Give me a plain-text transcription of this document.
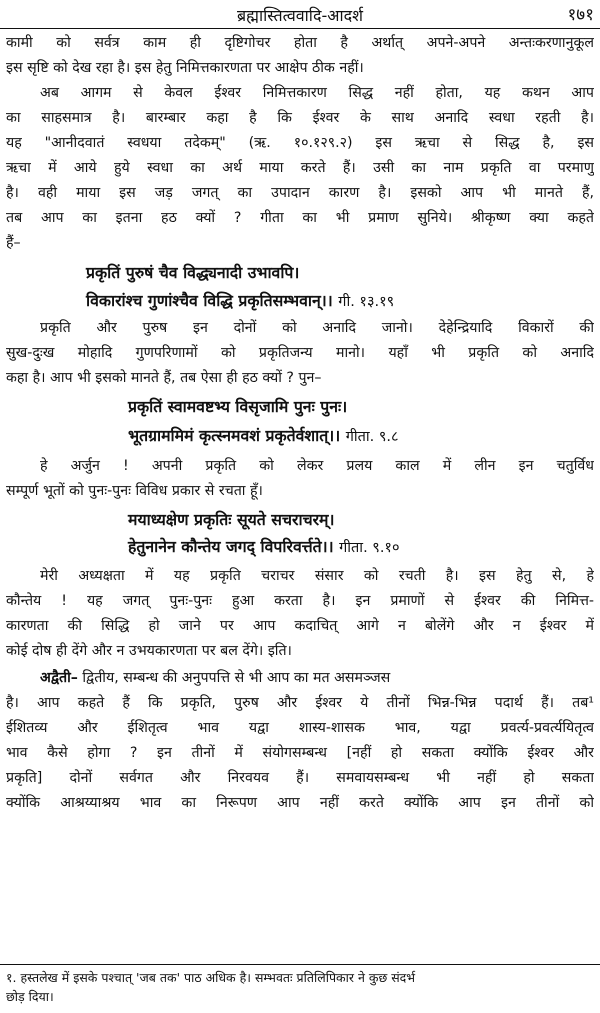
ब्रह्मास्तित्ववादि-आदर्श	१७१
कामी को सर्वत्र काम ही दृष्टिगोचर होता है अर्थात् अपने-अपने अन्तःकरणानुकूल
इस सृष्टि को देख रहा है। इस हेतु निमित्तकारणता पर आक्षेप ठीक नहीं।
अब आगम से केवल ईश्वर निमित्तकारण सिद्ध नहीं होता, यह कथन आप
का साहसमात्र है। बारम्बार कहा है कि ईश्वर के साथ अनादि स्वधा रहती है।
यह "आनीदवातं स्वधया तदेकम्" (ऋ. १०.१२९.२) इस ऋचा से सिद्ध है, इस
ऋचा में आये हुये स्वधा का अर्थ माया करते हैं। उसी का नाम प्रकृति वा परमाणु
है। वही माया इस जड़ जगत् का उपादान कारण है। इसको आप भी मानते हैं,
तब आप का इतना हठ क्यों ? गीता का भी प्रमाण सुनिये। श्रीकृष्ण क्या कहते
हैं–
प्रकृतिं पुरुषं चैव विद्ध्यनादी उभावपि।
विकारांश्च गुणांश्चैव विद्धि प्रकृतिसम्भवान्।। गी. १३.१९
प्रकृति और पुरुष इन दोनों को अनादि जानो। देहेन्द्रियादि विकारों की
सुख-दुःख मोहादि गुणपरिणामों को प्रकृतिजन्य मानो। यहाँ भी प्रकृति को अनादि
कहा है। आप भी इसको मानते हैं, तब ऐसा ही हठ क्यों ? पुन–
प्रकृतिं स्वामवष्टभ्य विसृजामि पुनः पुनः।
भूतग्राममिमं कृत्स्नमवशं प्रकृतेर्वशात्।। गीता. ९.८
हे अर्जुन ! अपनी प्रकृति को लेकर प्रलय काल में लीन इन चतुर्विध
सम्पूर्ण भूतों को पुनः-पुनः विविध प्रकार से रचता हूँ।
मयाध्यक्षेण प्रकृतिः सूयते सचराचरम्।
हेतुनानेन कौन्तेय जगद् विपरिवर्त्तते।। गीता. ९.१०
मेरी अध्यक्षता में यह प्रकृति चराचर संसार को रचती है। इस हेतु से, हे
कौन्तेय ! यह जगत् पुनः-पुनः हुआ करता है। इन प्रमाणों से ईश्वर की निमित्त-
कारणता की सिद्धि हो जाने पर आप कदाचित् आगे न बोलेंगे और न ईश्वर में
कोई दोष ही देंगे और न उभयकारणता पर बल देंगे। इति।
अद्वैती– द्वितीय, सम्बन्ध की अनुपपत्ति से भी आप का मत असमञ्जस
है। आप कहते हैं कि प्रकृति, पुरुष और ईश्वर ये तीनों भिन्न-भिन्न पदार्थ हैं। तब¹
ईशितव्य और ईशितृत्व भाव यद्वा शास्य-शासक भाव, यद्वा प्रवर्त्य-प्रवर्त्ययितृत्व
भाव कैसे होगा ? इन तीनों में संयोगसम्बन्ध [नहीं हो सकता क्योंकि ईश्वर और
प्रकृति] दोनों सर्वगत और निरवयव हैं। समवायसम्बन्ध भी नहीं हो सकता
क्योंकि आश्रय्याश्रय भाव का निरूपण आप नहीं करते क्योंकि आप इन तीनों को
१. हस्तलेख में इसके पश्चात् 'जब तक' पाठ अधिक है। सम्भवतः प्रतिलिपिकार ने कुछ संदर्भ
छोड़ दिया।
